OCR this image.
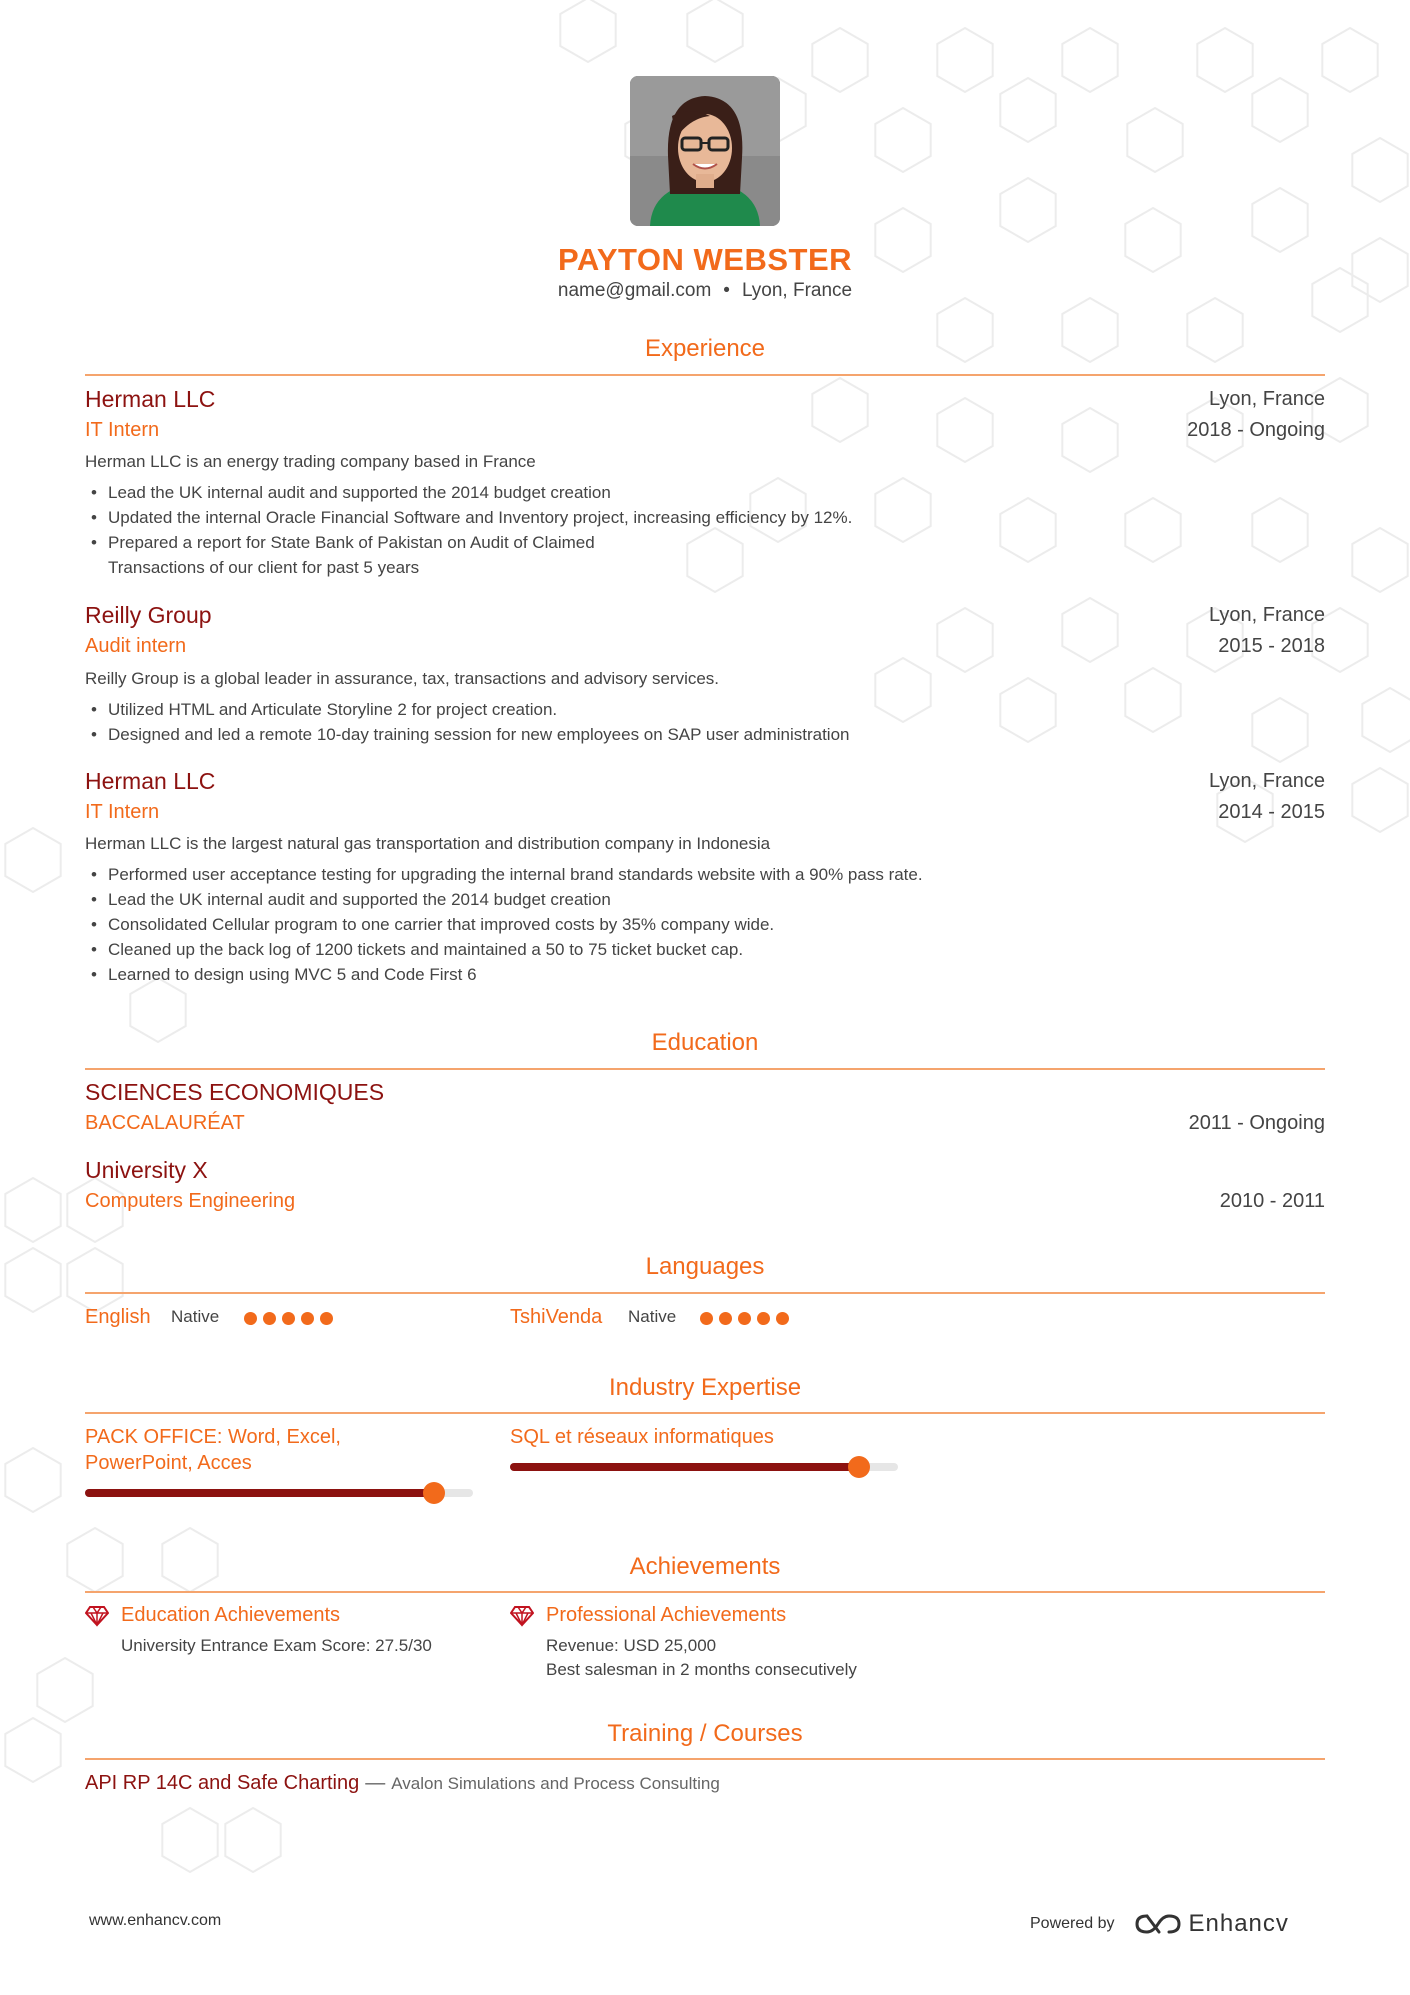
PAYTON WEBSTER
name@gmail.com • Lyon, France
Experience
Herman LLC	Lyon, France
IT Intern	2018 - Ongoing
Herman LLC is an energy trading company based in France
• Lead the UK internal audit and supported the 2014 budget creation
• Updated the internal Oracle Financial Software and Inventory project, increasing efficiency by 12%.
• Prepared a report for State Bank of Pakistan on Audit of Claimed
Transactions of our client for past 5 years
Reilly Group	Lyon, France
Audit intern	2015 - 2018
Reilly Group is a global leader in assurance, tax, transactions and advisory services.
• Utilized HTML and Articulate Storyline 2 for project creation.
• Designed and led a remote 10-day training session for new employees on SAP user administration
Herman LLC	Lyon, France
IT Intern	2014 - 2015
Herman LLC is the largest natural gas transportation and distribution company in Indonesia
• Performed user acceptance testing for upgrading the internal brand standards website with a 90% pass rate.
• Lead the UK internal audit and supported the 2014 budget creation
• Consolidated Cellular program to one carrier that improved costs by 35% company wide.
• Cleaned up the back log of 1200 tickets and maintained a 50 to 75 ticket bucket cap.
• Learned to design using MVC 5 and Code First 6
Education
SCIENCES ECONOMIQUES
BACCALAURÉAT	2011 - Ongoing
University X
Computers Engineering	2010 - 2011
Languages
English Native	TshiVenda Native
Industry Expertise
PACK OFFICE: Word, Excel, PowerPoint, Acces
SQL et réseaux informatiques
Achievements
Education Achievements
University Entrance Exam Score: 27.5/30
Professional Achievements
Revenue: USD 25,000
Best salesman in 2 months consecutively
Training / Courses
API RP 14C and Safe Charting — Avalon Simulations and Process Consulting
www.enhancv.com	Powered by	Enhancv
